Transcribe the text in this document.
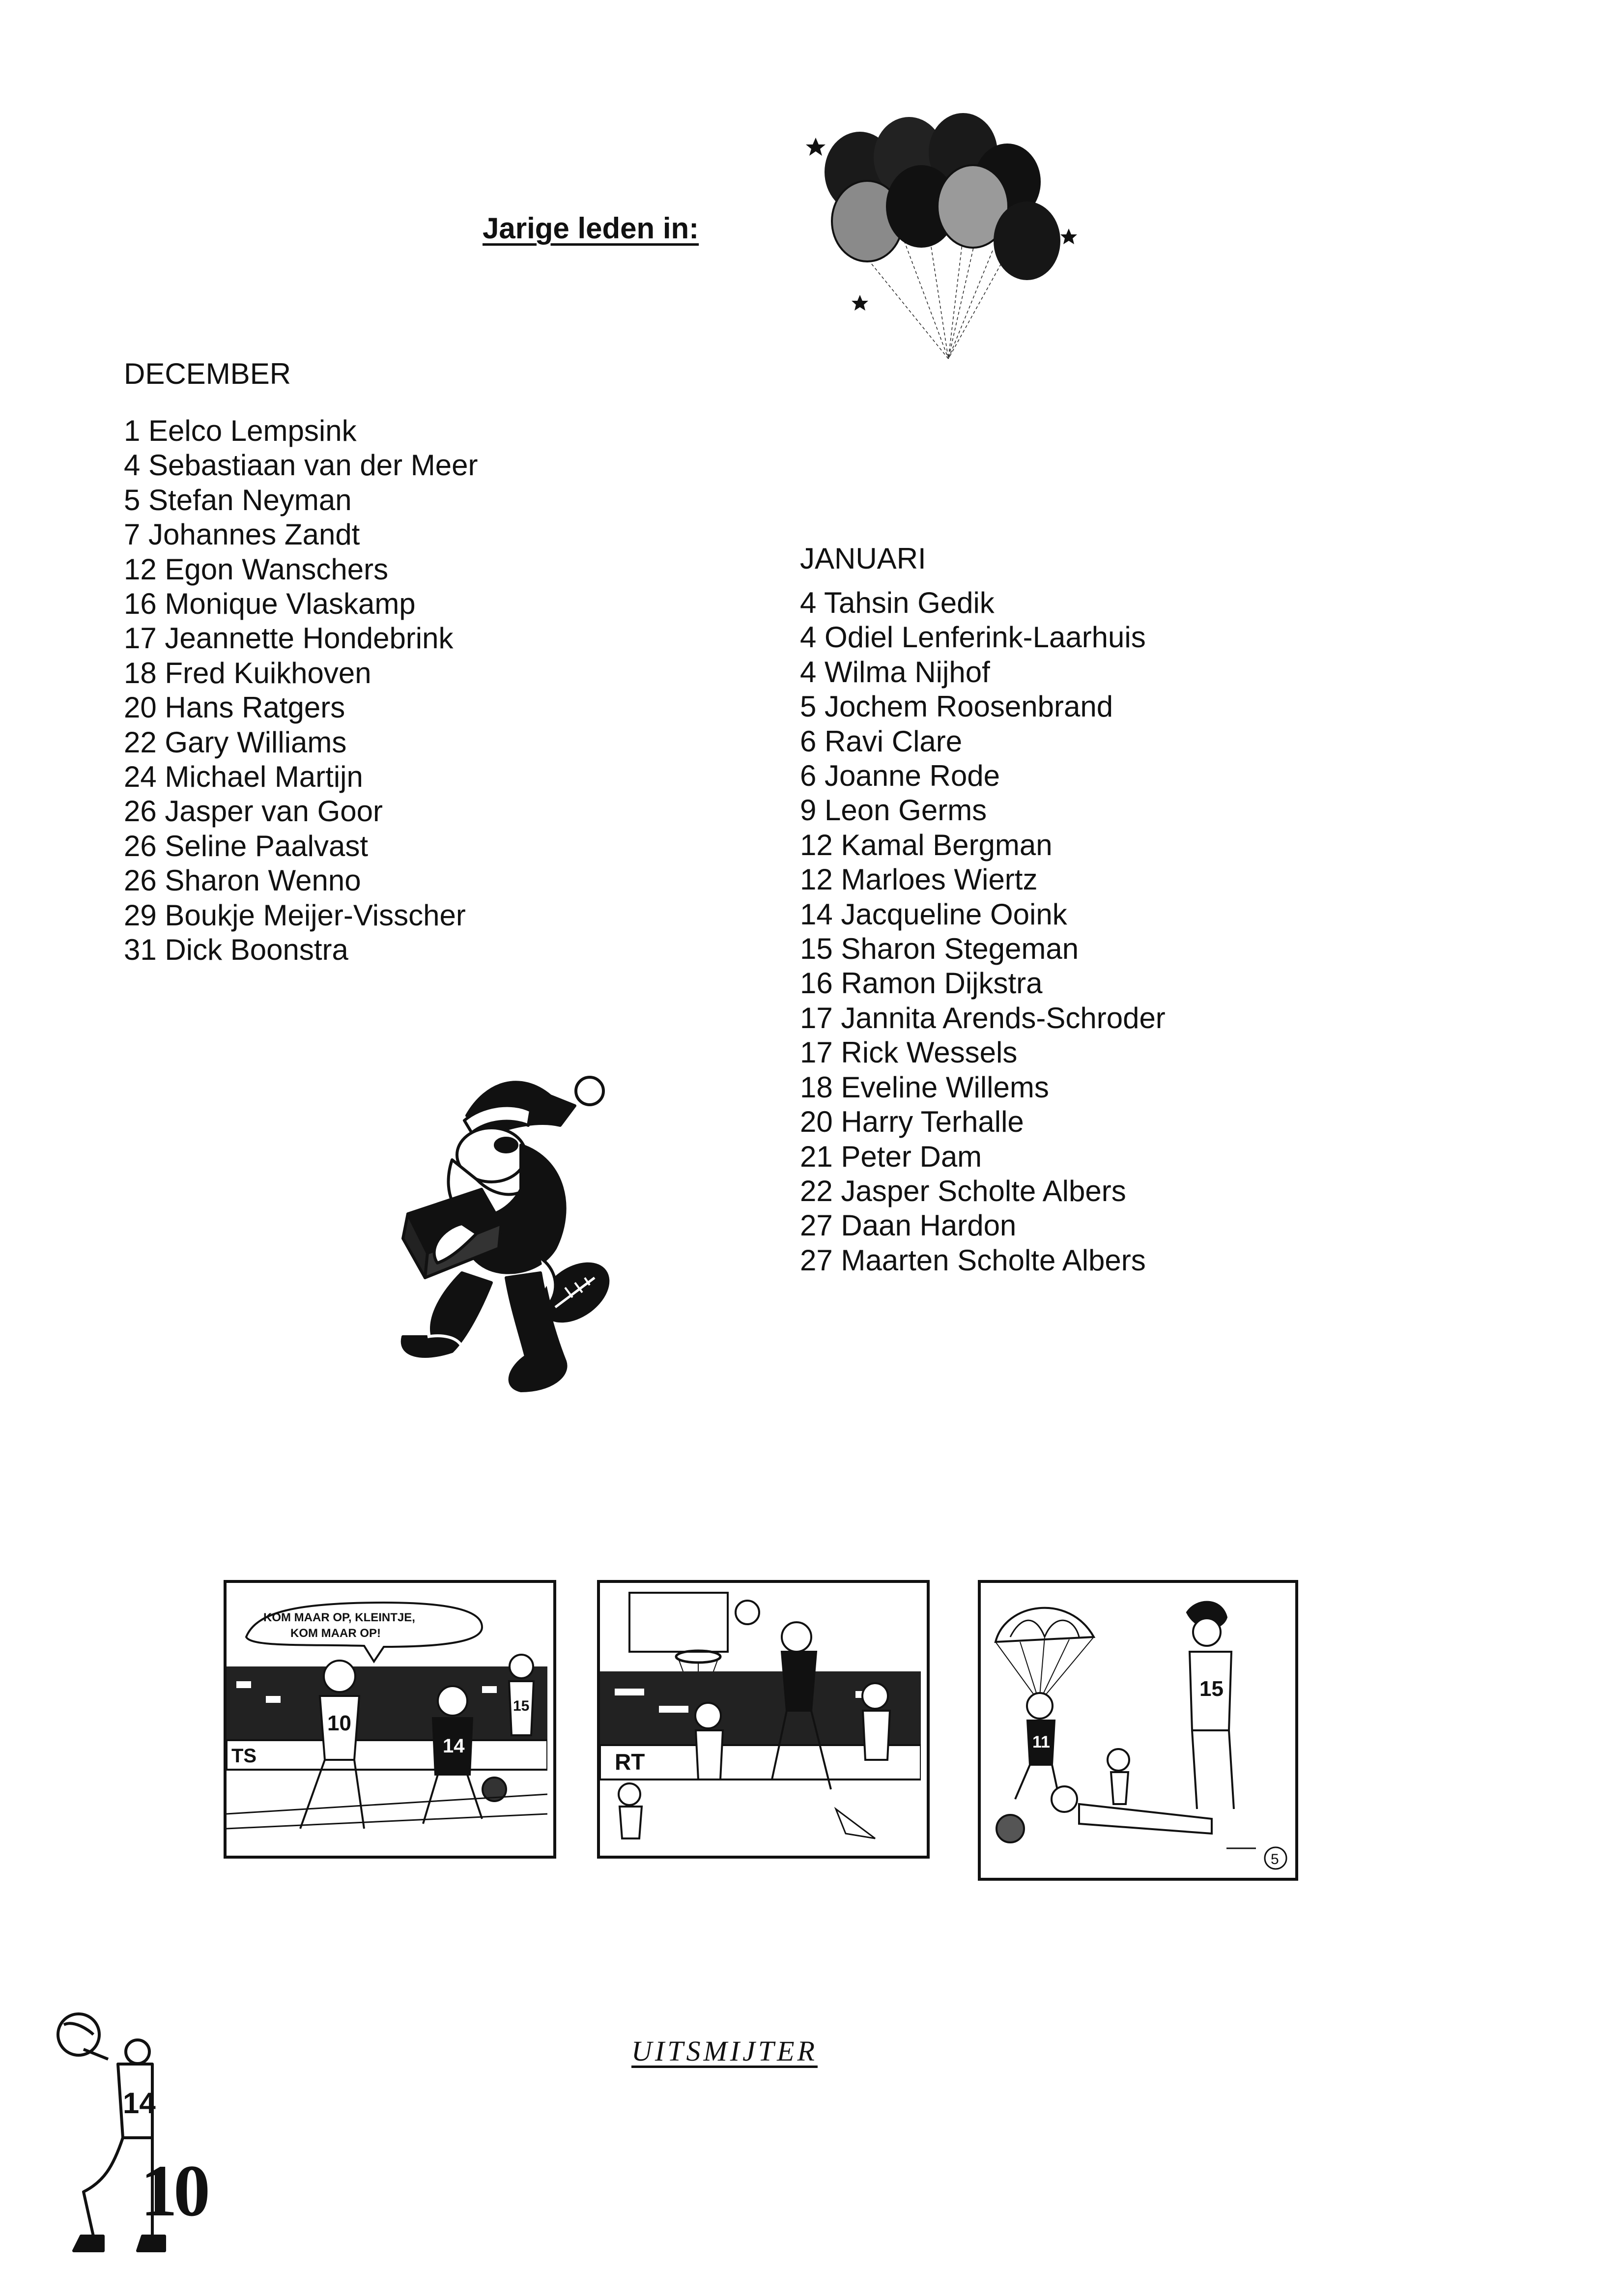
Jarige leden in:
DECEMBER
1 Eelco Lempsink
4 Sebastiaan van der Meer
5 Stefan Neyman
7 Johannes Zandt
12 Egon Wanschers
16 Monique Vlaskamp
17 Jeannette Hondebrink
18 Fred Kuikhoven
20 Hans Ratgers
22 Gary Williams
24 Michael Martijn
26 Jasper van Goor
26 Seline Paalvast
26 Sharon Wenno
29 Boukje Meijer-Visscher
31 Dick Boonstra
JANUARI
4 Tahsin Gedik
4 Odiel Lenferink-Laarhuis
4 Wilma Nijhof
5 Jochem Roosenbrand
6 Ravi Clare
6 Joanne Rode
9 Leon Germs
12 Kamal Bergman
12 Marloes Wiertz
14 Jacqueline Ooink
15 Sharon Stegeman
16 Ramon Dijkstra
17 Jannita Arends-Schroder
17 Rick Wessels
18 Eveline Willems
20 Harry Terhalle
21 Peter Dam
22 Jasper Scholte Albers
27 Daan Hardon
27 Maarten Scholte Albers
KOM MAAR OP, KLEINTJE,
KOM MAAR OP!
TS
10
14
15
RT
11
15
5
14
10
UITSMIJTER
